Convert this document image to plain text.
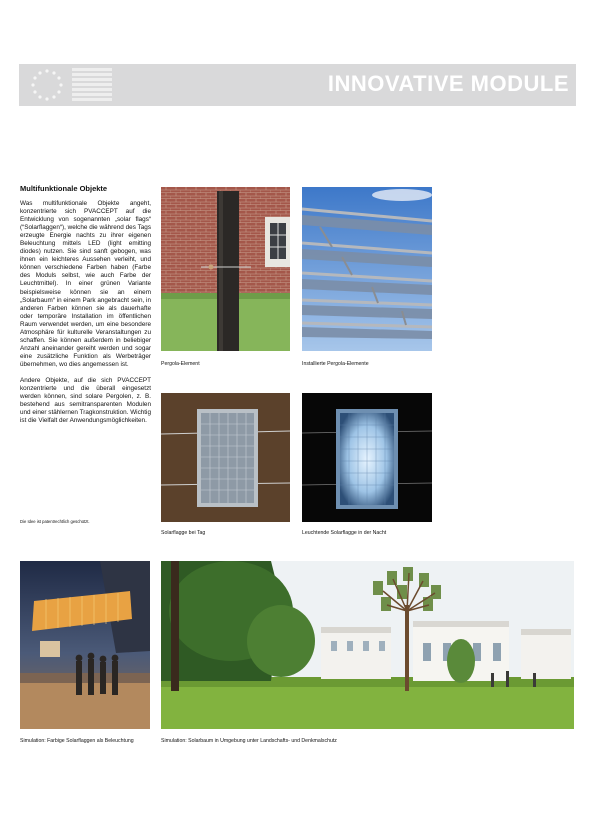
INNOVATIVE MODULE
Multifunktionale Objekte

Was multifunktionale Objekte angeht, konzentrierte sich PVACCEPT auf die Entwicklung von sogenannten „solar flags“ (“Solarflaggen“), welche die während des Tags erzeugte Energie nachts zu ihrer eigenen Beleuchtung mittels LED (light emitting diodes) nutzen. Sie sind sanft gebogen, was ihnen ein leichteres Aussehen verleiht, und können verschiedene Farben haben (Farbe des Moduls selbst, wie auch Farbe der Leuchtmittel). In einer grünen Variante beispielsweise können sie an einem „Solarbaum“ in einem Park angebracht sein, in anderen Farben können sie als dauerhafte oder temporäre Installation im öffentlichen Raum verwendet werden, um eine besondere Atmosphäre für kulturelle Veranstaltungen zu schaffen. Sie können außerdem in beliebiger Anzahl aneinander gereiht werden und sogar eine zusätzliche Funktion als Werbeträger übernehmen, wo dies angemessen ist.

Andere Objekte, auf die sich PVACCEPT konzentrierte und die überall eingesetzt werden können, sind solare Pergolen, z. B. bestehend aus semitransparenten Modulen und einer stählernen Tragkonstruktion. Wichtig ist die Vielfalt der Anwendungsmöglichkeiten.

Die Idee ist patentrechtlich geschützt.
Pergola-Element	Installierte Pergola-Elemente
Solarflagge bei Tag	Leuchtende Solarflagge in der Nacht
Simulation: Farbige Solarflaggen als Beleuchtung	Simulation: Solarbaum in Umgebung unter Landschafts- und Denkmalschutz
